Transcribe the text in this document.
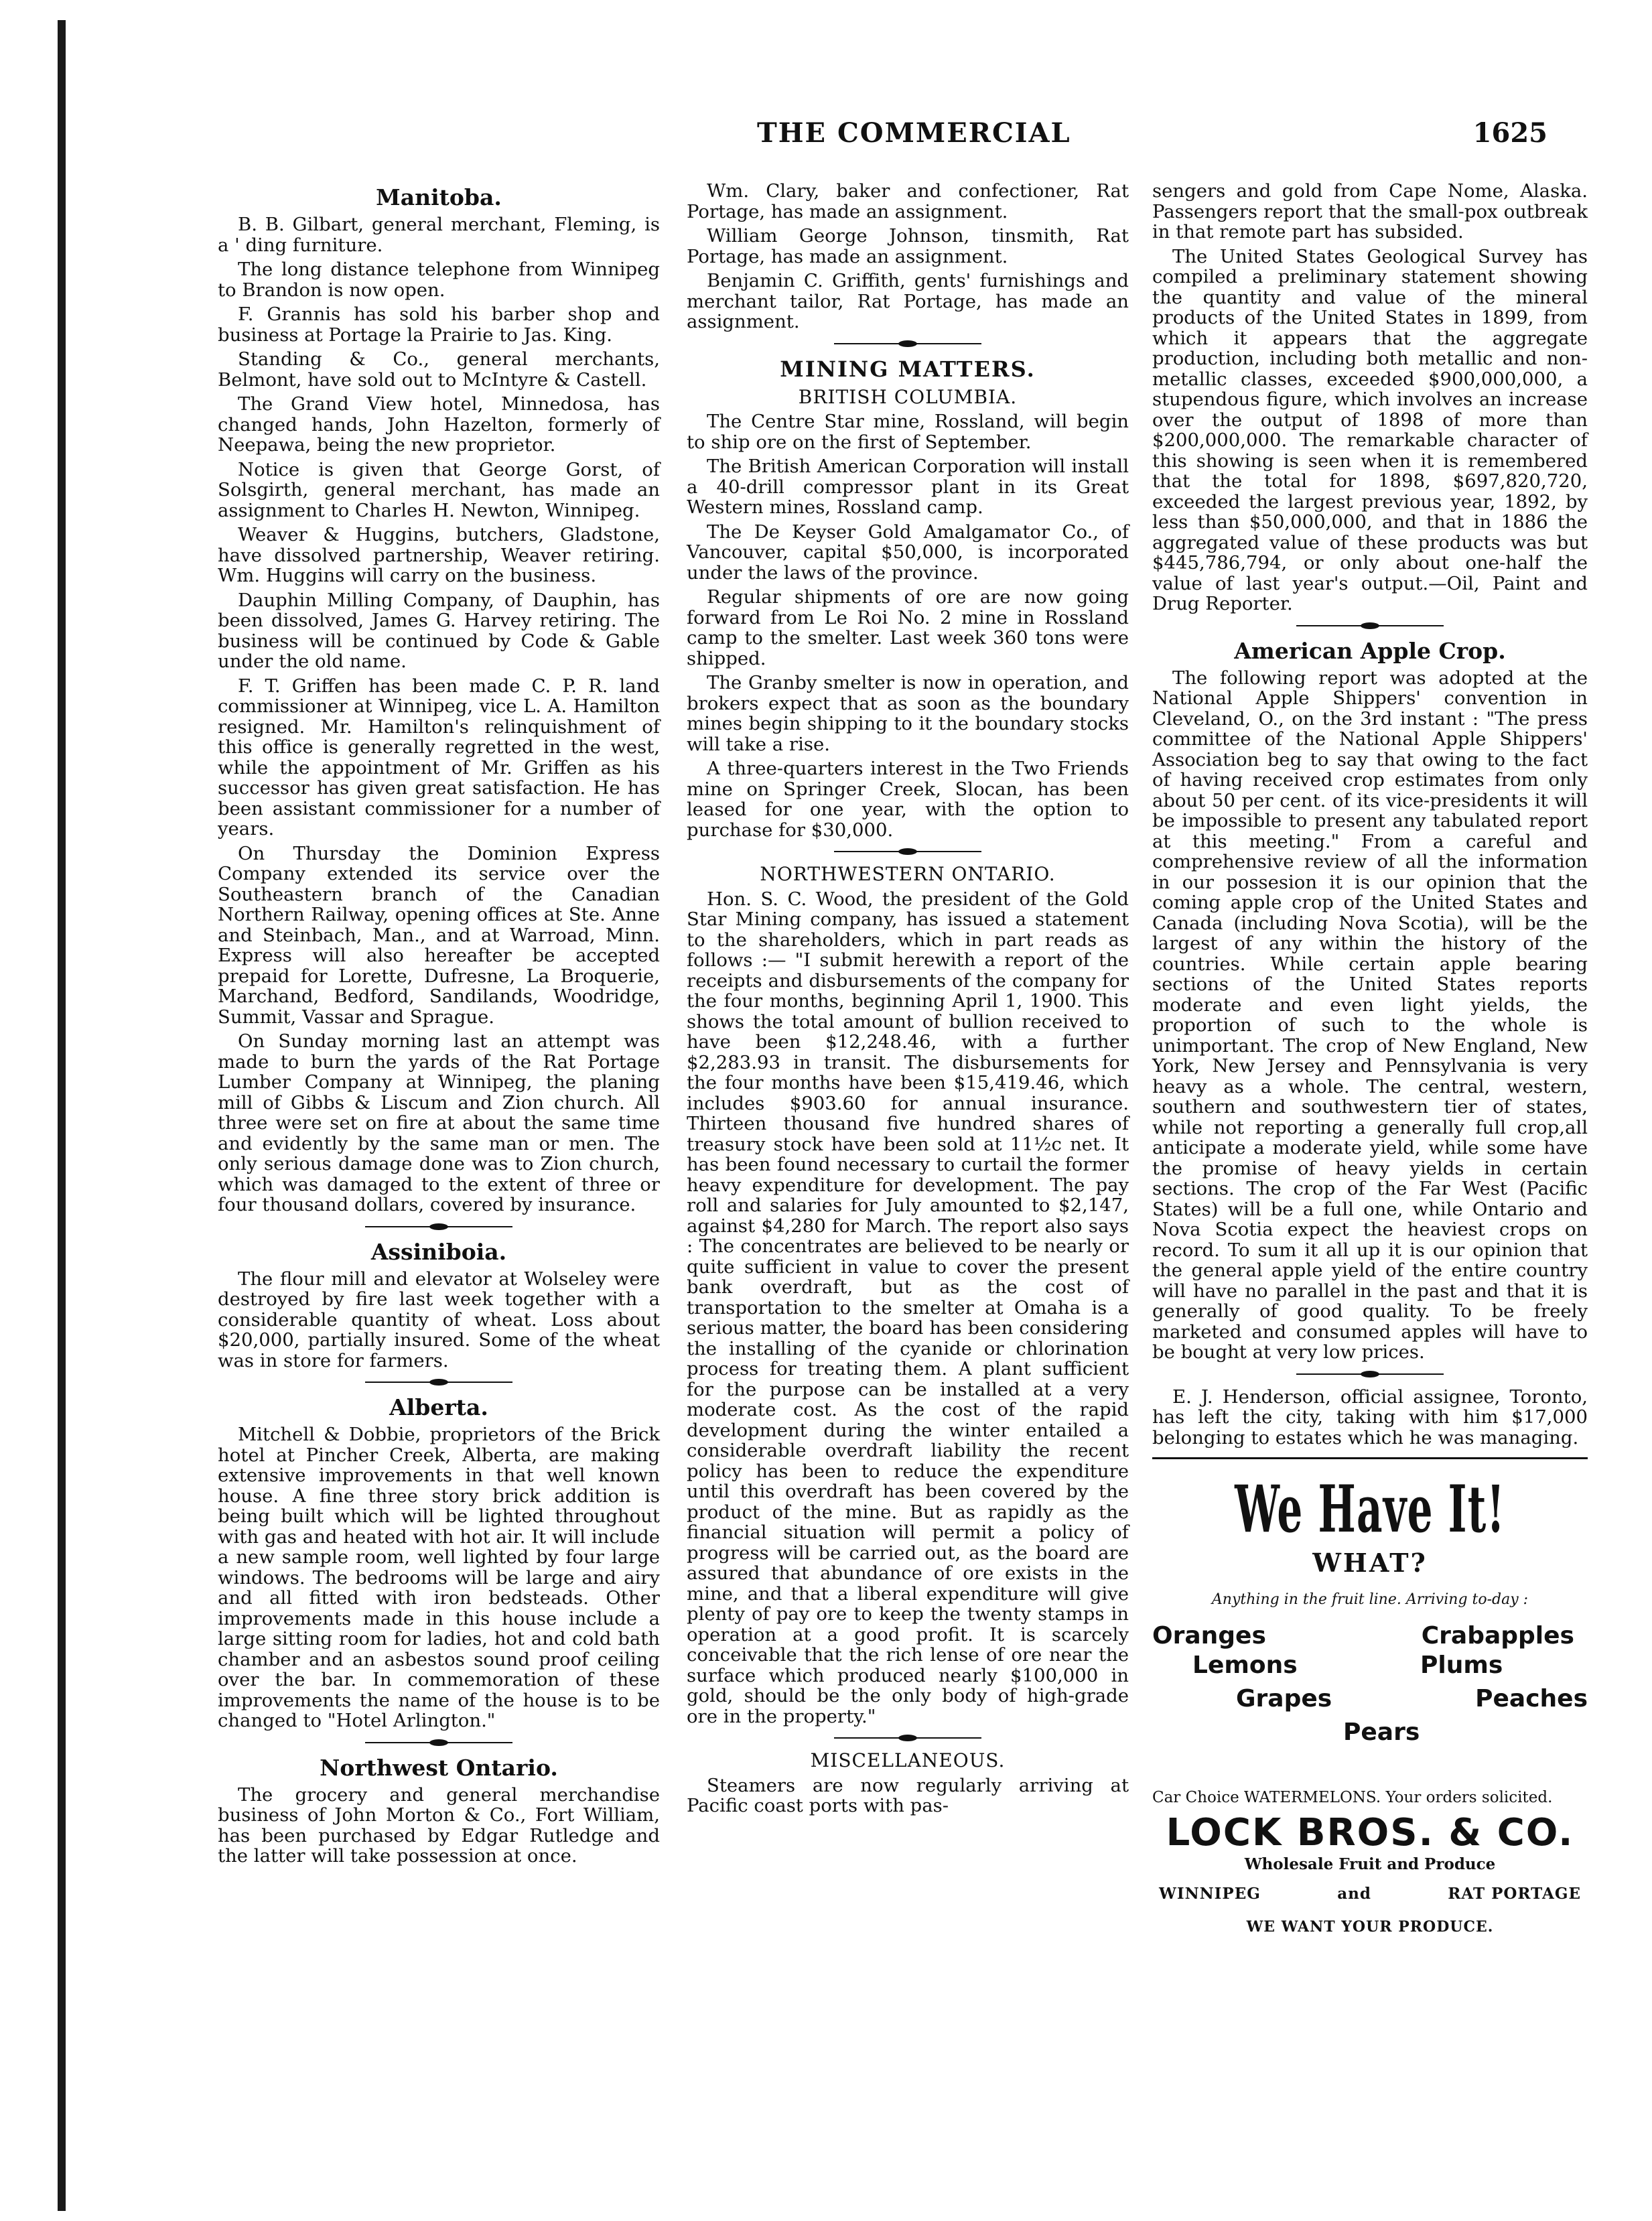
THE COMMERCIAL	1625
Manitoba.

B. B. Gilbart, general merchant, Fleming, is a ' ding furniture.

The long distance telephone from Winnipeg to Brandon is now open.

F. Grannis has sold his barber shop and business at Portage la Prairie to Jas. King.

Standing & Co., general merchants, Belmont, have sold out to McIntyre & Castell.

The Grand View hotel, Minnedosa, has changed hands, John Hazelton, formerly of Neepawa, being the new proprietor.

Notice is given that George Gorst, of Solsgirth, general merchant, has made an assignment to Charles H. Newton, Winnipeg.

Weaver & Huggins, butchers, Gladstone, have dissolved partnership, Weaver retiring. Wm. Huggins will carry on the business.

Dauphin Milling Company, of Dauphin, has been dissolved, James G. Harvey retiring. The business will be continued by Code & Gable under the old name.

F. T. Griffen has been made C. P. R. land commissioner at Winnipeg, vice L. A. Hamilton resigned. Mr. Hamilton's relinquishment of this office is generally regretted in the west, while the appointment of Mr. Griffen as his successor has given great satisfaction. He has been assistant commissioner for a number of years.

On Thursday the Dominion Express Company extended its service over the Southeastern branch of the Canadian Northern Railway, opening offices at Ste. Anne and Steinbach, Man., and at Warroad, Minn. Express will also hereafter be accepted prepaid for Lorette, Dufresne, La Broquerie, Marchand, Bedford, Sandilands, Woodridge, Summit, Vassar and Sprague.

On Sunday morning last an attempt was made to burn the yards of the Rat Portage Lumber Company at Winnipeg, the planing mill of Gibbs & Liscum and Zion church. All three were set on fire at about the same time and evidently by the same man or men. The only serious damage done was to Zion church, which was damaged to the extent of three or four thousand dollars, covered by insurance.

Assiniboia.

The flour mill and elevator at Wolseley were destroyed by fire last week together with a considerable quantity of wheat. Loss about $20,000, partially insured. Some of the wheat was in store for farmers.

Alberta.

Mitchell & Dobbie, proprietors of the Brick hotel at Pincher Creek, Alberta, are making extensive improvements in that well known house. A fine three story brick addition is being built which will be lighted throughout with gas and heated with hot air. It will include a new sample room, well lighted by four large windows. The bedrooms will be large and airy and all fitted with iron bedsteads. Other improvements made in this house include a large sitting room for ladies, hot and cold bath chamber and an asbestos sound proof ceiling over the bar. In commemoration of these improvements the name of the house is to be changed to "Hotel Arlington."

Northwest Ontario.

The grocery and general merchandise business of John Morton & Co., Fort William, has been purchased by Edgar Rutledge and the latter will take possession at once.

Wm. Clary, baker and confectioner, Rat Portage, has made an assignment.

William George Johnson, tinsmith, Rat Portage, has made an assignment.

Benjamin C. Griffith, gents' furnishings and merchant tailor, Rat Portage, has made an assignment.

MINING MATTERS.
BRITISH COLUMBIA.

The Centre Star mine, Rossland, will begin to ship ore on the first of September.

The British American Corporation will install a 40-drill compressor plant in its Great Western mines, Rossland camp.

The De Keyser Gold Amalgamator Co., of Vancouver, capital $50,000, is incorporated under the laws of the province.

Regular shipments of ore are now going forward from Le Roi No. 2 mine in Rossland camp to the smelter. Last week 360 tons were shipped.

The Granby smelter is now in operation, and brokers expect that as soon as the boundary mines begin shipping to it the boundary stocks will take a rise.

A three-quarters interest in the Two Friends mine on Springer Creek, Slocan, has been leased for one year, with the option to purchase for $30,000.

NORTHWESTERN ONTARIO.

Hon. S. C. Wood, the president of the Gold Star Mining company, has issued a statement to the shareholders, which in part reads as follows :— "I submit herewith a report of the receipts and disbursements of the company for the four months, beginning April 1, 1900. This shows the total amount of bullion received to have been $12,248.46, with a further $2,283.93 in transit. The disbursements for the four months have been $15,419.46, which includes $903.60 for annual insurance. Thirteen thousand five hundred shares of treasury stock have been sold at 11½c net. It has been found necessary to curtail the former heavy expenditure for development. The pay roll and salaries for July amounted to $2,147, against $4,280 for March. The report also says : The concentrates are believed to be nearly or quite sufficient in value to cover the present bank overdraft, but as the cost of transportation to the smelter at Omaha is a serious matter, the board has been considering the installing of the cyanide or chlorination process for treating them. A plant sufficient for the purpose can be installed at a very moderate cost. As the cost of the rapid development during the winter entailed a considerable overdraft liability the recent policy has been to reduce the expenditure until this overdraft has been covered by the product of the mine. But as rapidly as the financial situation will permit a policy of progress will be carried out, as the board are assured that abundance of ore exists in the mine, and that a liberal expenditure will give plenty of pay ore to keep the twenty stamps in operation at a good profit. It is scarcely conceivable that the rich lense of ore near the surface which produced nearly $100,000 in gold, should be the only body of high-grade ore in the property."

MISCELLANEOUS.

Steamers are now regularly arriving at Pacific coast ports with pas-

sengers and gold from Cape Nome, Alaska. Passengers report that the small-pox outbreak in that remote part has subsided.

The United States Geological Survey has compiled a preliminary statement showing the quantity and value of the mineral products of the United States in 1899, from which it appears that the aggregate production, including both metallic and non-metallic classes, exceeded $900,000,000, a stupendous figure, which involves an increase over the output of 1898 of more than $200,000,000. The remarkable character of this showing is seen when it is remembered that the total for 1898, $697,820,720, exceeded the largest previous year, 1892, by less than $50,000,000, and that in 1886 the aggregated value of these products was but $445,786,794, or only about one-half the value of last year's output.—Oil, Paint and Drug Reporter.

American Apple Crop.

The following report was adopted at the National Apple Shippers' convention in Cleveland, O., on the 3rd instant : "The press committee of the National Apple Shippers' Association beg to say that owing to the fact of having received crop estimates from only about 50 per cent. of its vice-presidents it will be impossible to present any tabulated report at this meeting." From a careful and comprehensive review of all the information in our possesion it is our opinion that the coming apple crop of the United States and Canada (including Nova Scotia), will be the largest of any within the history of the countries. While certain apple bearing sections of the United States reports moderate and even light yields, the proportion of such to the whole is unimportant. The crop of New England, New York, New Jersey and Pennsylvania is very heavy as a whole. The central, western, southern and southwestern tier of states, while not reporting a generally full crop,all anticipate a moderate yield, while some have the promise of heavy yields in certain sections. The crop of the Far West (Pacific States) will be a full one, while Ontario and Nova Scotia expect the heaviest crops on record. To sum it all up it is our opinion that the general apple yield of the entire country will have no parallel in the past and that it is generally of good quality. To be freely marketed and consumed apples will have to be bought at very low prices.

E. J. Henderson, official assignee, Toronto, has left the city, taking with him $17,000 belonging to estates which he was managing.

We Have It!
WHAT?
Anything in the fruit line. Arriving to-day :
Oranges	Crabapples
Lemons	Plums
Grapes	Peaches
Pears
Car Choice WATERMELONS. Your orders solicited.
LOCK BROS. & CO.
Wholesale Fruit and Produce
WINNIPEG	and	RAT PORTAGE
WE WANT YOUR PRODUCE.
